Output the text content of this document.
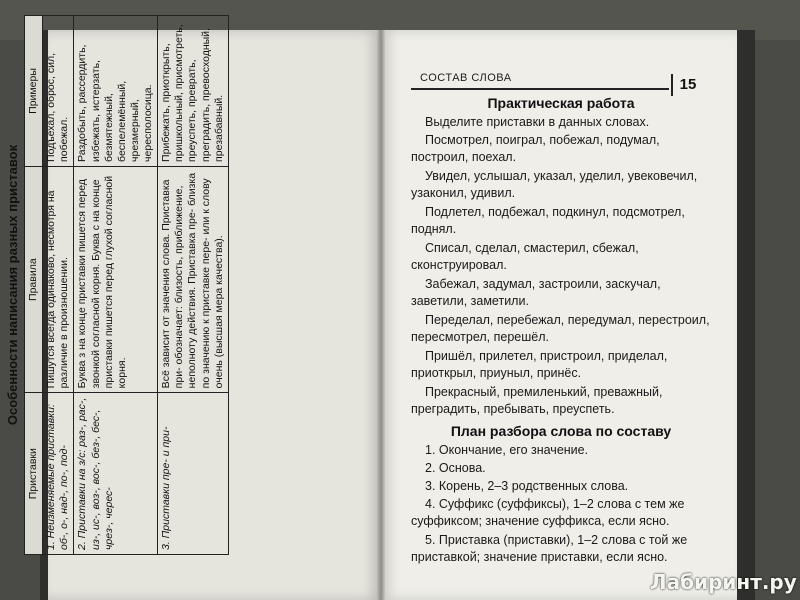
Особенности написания разных приставок
Приставки	Правила	Примеры
1. Неизменяемые приставки: об-, о-, над-, по-, под-	Пишутся всегда одинаково, несмотря на различие в произношении.	Подъехал, оброс, сил, побежал.
2. Приставки на з/с: раз-, рас-, из-, ис-, воз-, вос-, без-, бес-, чрез-, черес-	Буква з на конце приставки пишется перед звонкой согласной корня. Буква с на конце приставки пишется перед глухой согласной корня.	Раздобыть, рассердить, избежать, истерзать, безмятежный, беспелемённый, чрезмерный, чересполосица.
3. Приставки пре- и при-	Всё зависит от значения слова. Приставка при- обозначает: близость, приближение, неполноту действия. Приставка пре- близка по значению к приставке пере- или к слову очень (высшая мера качества).	Прибежать, приоткрыть, пришкольный, присмотреть, преуспеть, преврать, преградить, превосходный, презабавный.
СОСТАВ СЛОВА	15
Практическая работа
Выделите приставки в данных словах.
Посмотрел, поиграл, побежал, подумал, построил, поехал.
Увидел, услышал, указал, уделил, увековечил, узаконил, удивил.
Подлетел, подбежал, подкинул, подсмотрел, поднял.
Списал, сделал, смастерил, сбежал, сконструировал.
Забежал, задумал, застроили, заскучал, заветили, заметили.
Переделал, перебежал, передумал, перестроил, пересмотрел, перешёл.
Пришёл, прилетел, пристроил, приделал, приоткрыл, приуныл, принёс.
Прекрасный, премиленький, преважный, преградить, пребывать, преуспеть.
План разбора слова по составу
1. Окончание, его значение.
2. Основа.
3. Корень, 2–3 родственных слова.
4. Суффикс (суффиксы), 1–2 слова с тем же суффиксом; значение суффикса, если ясно.
5. Приставка (приставки), 1–2 слова с той же приставкой; значение приставки, если ясно.
Лабиринт.ру
